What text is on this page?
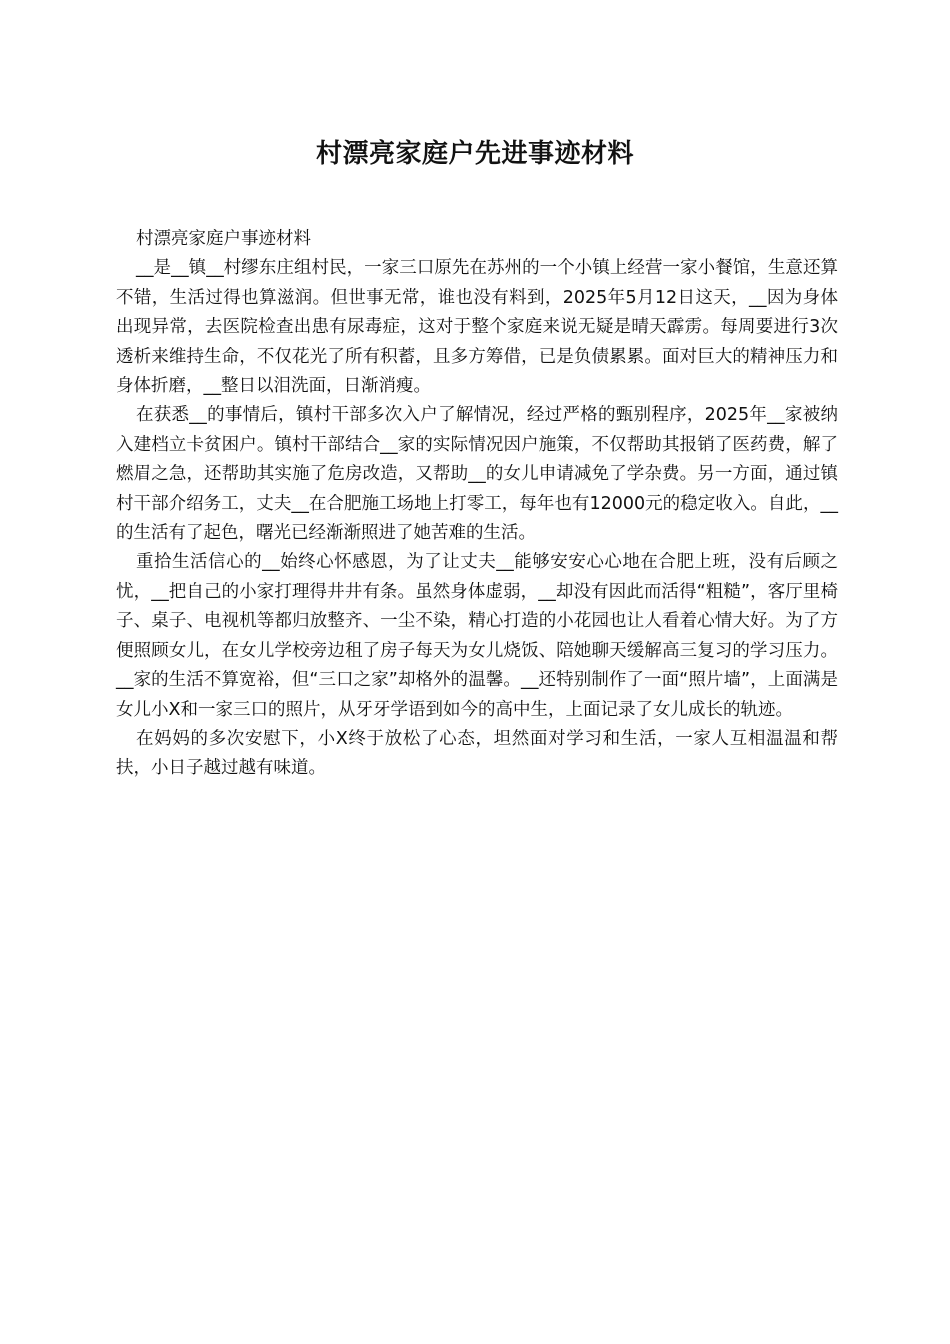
村漂亮家庭户先进事迹材料

村漂亮家庭户事迹材料

__是__镇__村缪东庄组村民，一家三口原先在苏州的一个小镇上经营一家小餐馆，生意还算不错，生活过得也算滋润。但世事无常，谁也没有料到，2025年5月12日这天，__因为身体出现异常，去医院检查出患有尿毒症，这对于整个家庭来说无疑是晴天霹雳。每周要进行3次透析来维持生命，不仅花光了所有积蓄，且多方筹借，已是负债累累。面对巨大的精神压力和身体折磨，__整日以泪洗面，日渐消瘦。

在获悉__的事情后，镇村干部多次入户了解情况，经过严格的甄别程序，2025年__家被纳入建档立卡贫困户。镇村干部结合__家的实际情况因户施策，不仅帮助其报销了医药费，解了燃眉之急，还帮助其实施了危房改造，又帮助__的女儿申请减免了学杂费。另一方面，通过镇村干部介绍务工，丈夫__在合肥施工场地上打零工，每年也有12000元的稳定收入。自此，__的生活有了起色，曙光已经渐渐照进了她苦难的生活。

重拾生活信心的__始终心怀感恩，为了让丈夫__能够安安心心地在合肥上班，没有后顾之忧，__把自己的小家打理得井井有条。虽然身体虚弱，__却没有因此而活得“粗糙”，客厅里椅子、桌子、电视机等都归放整齐、一尘不染，精心打造的小花园也让人看着心情大好。为了方便照顾女儿，在女儿学校旁边租了房子每天为女儿烧饭、陪她聊天缓解高三复习的学习压力。__家的生活不算宽裕，但“三口之家”却格外的温馨。__还特别制作了一面“照片墙”，上面满是女儿小X和一家三口的照片，从牙牙学语到如今的高中生，上面记录了女儿成长的轨迹。

在妈妈的多次安慰下，小X终于放松了心态，坦然面对学习和生活，一家人互相温温和帮扶，小日子越过越有味道。
